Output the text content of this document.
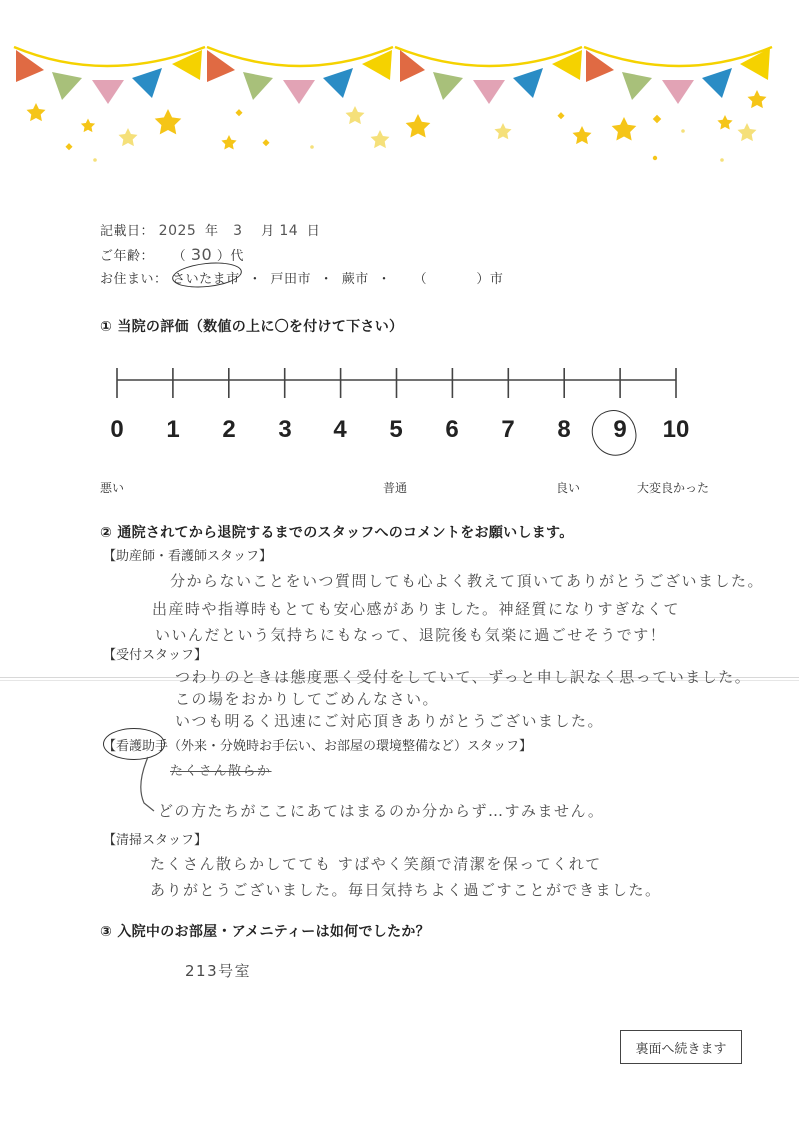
記載日： 2025 年 3 月 14 日
ご年齢： （ 30 ）代
お住まい： さいたま市 ・ 戸田市 ・ 蕨市 ・ （	）市
① 当院の評価（数値の上に〇を付けて下さい）
0	1	2	3	4	5	6	7	8	9	10
悪い	普通	良い	大変良かった
② 通院されてから退院するまでのスタッフへのコメントをお願いします。
【助産師・看護師スタッフ】
分からないことをいつ質問しても心よく教えて頂いてありがとうございました。
出産時や指導時もとても安心感がありました。神経質になりすぎなくて
いいんだという気持ちにもなって、退院後も気楽に過ごせそうです！
【受付スタッフ】
つわりのときは態度悪く受付をしていて、ずっと申し訳なく思っていました。
この場をおかりしてごめんなさい。
いつも明るく迅速にご対応頂きありがとうございました。
【看護助手（外来・分娩時お手伝い、お部屋の環境整備など）スタッフ】
たくさん散らか
どの方たちがここにあてはまるのか分からず…すみません。
【清掃スタッフ】
たくさん散らかしてても すばやく笑顔で清潔を保ってくれて
ありがとうございました。毎日気持ちよく過ごすことができました。
③ 入院中のお部屋・アメニティーは如何でしたか？
213号室
裏面へ続きます
